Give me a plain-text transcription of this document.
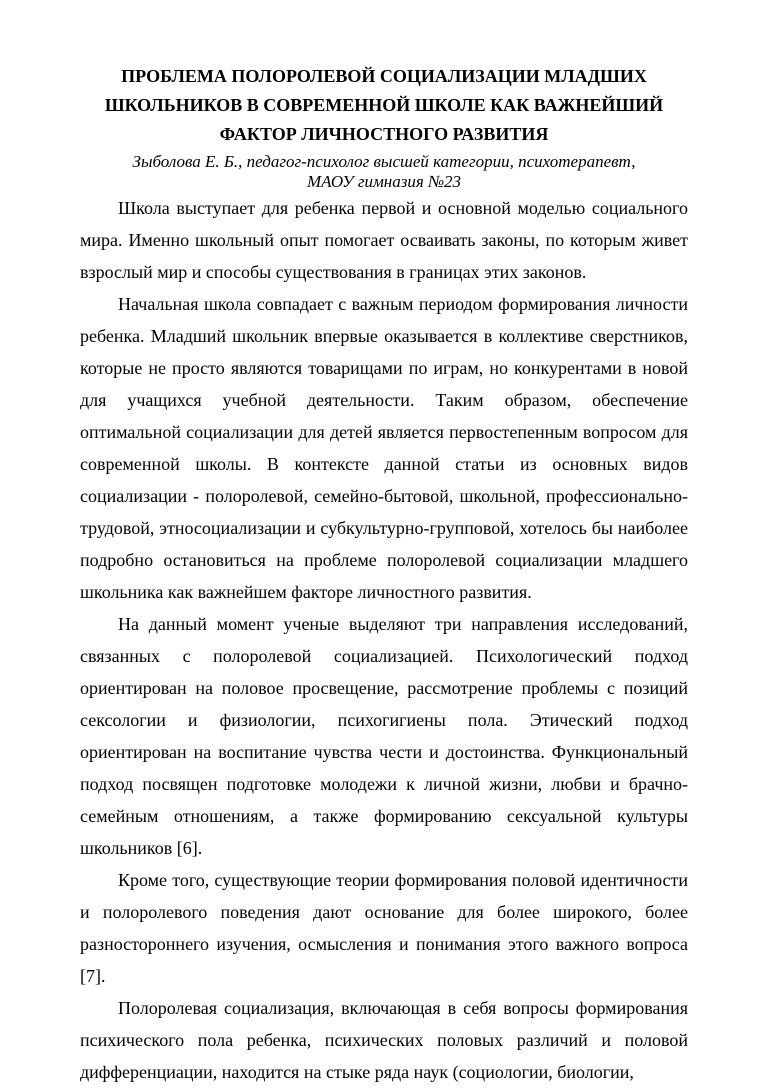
ПРОБЛЕМА ПОЛОРОЛЕВОЙ СОЦИАЛИЗАЦИИ МЛАДШИХ
ШКОЛЬНИКОВ В СОВРЕМЕННОЙ ШКОЛЕ КАК ВАЖНЕЙШИЙ
ФАКТОР ЛИЧНОСТНОГО РАЗВИТИЯ
Зыболова Е. Б., педагог-психолог высшей категории, психотерапевт,
МАОУ гимназия №23

Школа выступает для ребенка первой и основной моделью социального мира. Именно школьный опыт помогает осваивать законы, по которым живет взрослый мир и способы существования в границах этих законов.

Начальная школа совпадает с важным периодом формирования личности ребенка. Младший школьник впервые оказывается в коллективе сверстников, которые не просто являются товарищами по играм, но конкурентами в новой для учащихся учебной деятельности. Таким образом, обеспечение оптимальной социализации для детей является первостепенным вопросом для современной школы. В контексте данной статьи из основных видов социализации - полоролевой, семейно-бытовой, школьной, профессионально-трудовой, этносоциализации и субкультурно-групповой, хотелось бы наиболее подробно остановиться на проблеме полоролевой социализации младшего школьника как важнейшем факторе личностного развития.

На данный момент ученые выделяют три направления исследований, связанных с полоролевой социализацией. Психологический подход ориентирован на половое просвещение, рассмотрение проблемы с позиций сексологии и физиологии, психогигиены пола. Этический подход ориентирован на воспитание чувства чести и достоинства. Функциональный подход посвящен подготовке молодежи к личной жизни, любви и брачно-семейным отношениям, а также формированию сексуальной культуры школьников [6].

Кроме того, существующие теории формирования половой идентичности и полоролевого поведения дают основание для более широкого, более разностороннего изучения, осмысления и понимания этого важного вопроса [7].

Полоролевая социализация, включающая в себя вопросы формирования психического пола ребенка, психических половых различий и половой дифференциации, находится на стыке ряда наук (социологии, биологии,
